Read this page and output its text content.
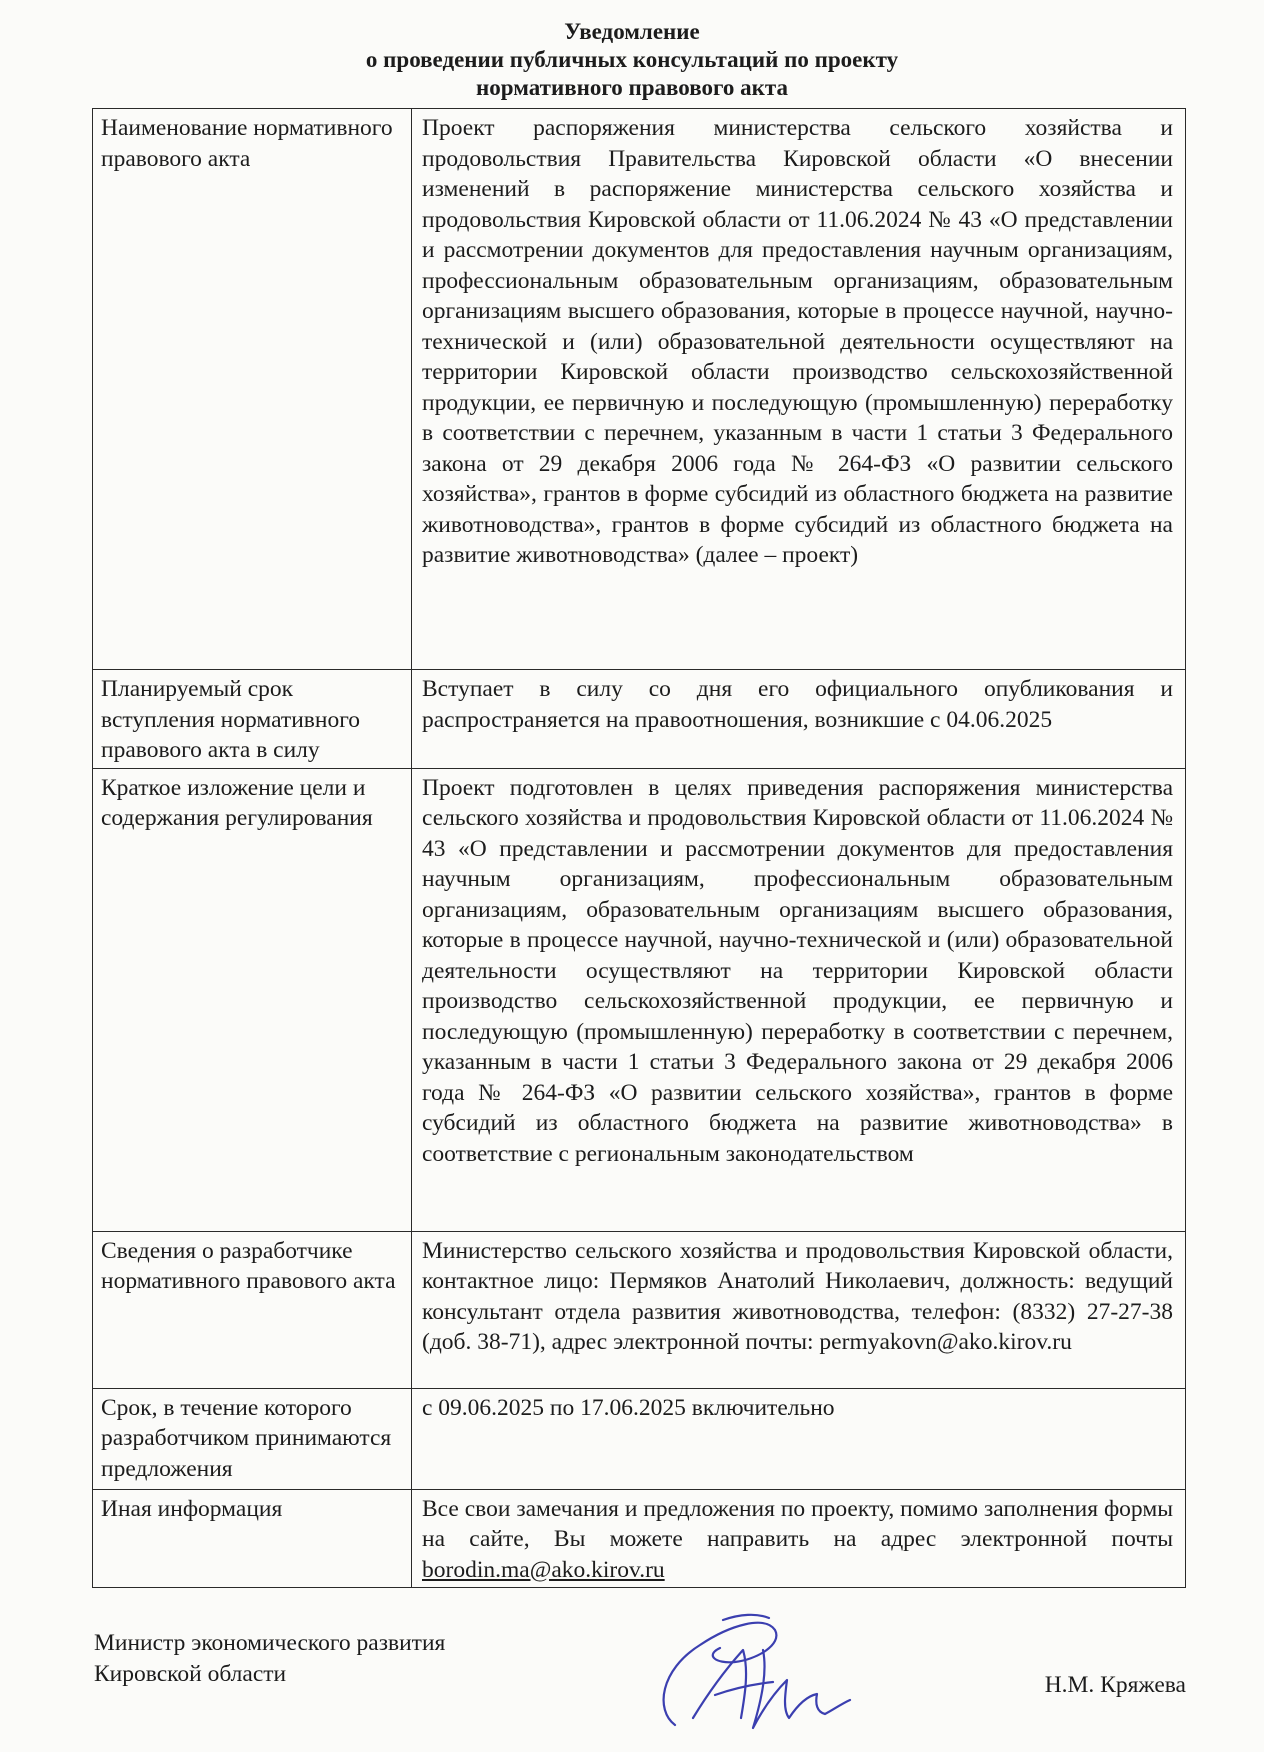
Уведомление
о проведении публичных консультаций по проекту
нормативного правового акта
Наименование нормативного правового акта	Проект распоряжения министерства сельского хозяйства и продовольствия Правительства Кировской области «О внесении изменений в распоряжение министерства сельского хозяйства и продовольствия Кировской области от 11.06.2024 № 43 «О представлении и рассмотрении документов для предоставления научным организациям, профессиональным образовательным организациям, образовательным организациям высшего образования, которые в процессе научной, научно-технической и (или) образовательной деятельности осуществляют на территории Кировской области производство сельскохозяйственной продукции, ее первичную и последующую (промышленную) переработку в соответствии с перечнем, указанным в части 1 статьи 3 Федерального закона от 29 декабря 2006 года № 264-ФЗ «О развитии сельского хозяйства», грантов в форме субсидий из областного бюджета на развитие животноводства», грантов в форме субсидий из областного бюджета на развитие животноводства» (далее – проект)
Планируемый срок вступления нормативного правового акта в силу	Вступает в силу со дня его официального опубликования и распространяется на правоотношения, возникшие с 04.06.2025
Краткое изложение цели и содержания регулирования	Проект подготовлен в целях приведения распоряжения министерства сельского хозяйства и продовольствия Кировской области от 11.06.2024 № 43 «О представлении и рассмотрении документов для предоставления научным организациям, профессиональным образовательным организациям, образовательным организациям высшего образования, которые в процессе научной, научно-технической и (или) образовательной деятельности осуществляют на территории Кировской области производство сельскохозяйственной продукции, ее первичную и последующую (промышленную) переработку в соответствии с перечнем, указанным в части 1 статьи 3 Федерального закона от 29 декабря 2006 года № 264-ФЗ «О развитии сельского хозяйства», грантов в форме субсидий из областного бюджета на развитие животноводства» в соответствие с региональным законодательством
Сведения о разработчике нормативного правового акта	Министерство сельского хозяйства и продовольствия Кировской области, контактное лицо: Пермяков Анатолий Николаевич, должность: ведущий консультант отдела развития животноводства, телефон: (8332) 27-27-38 (доб. 38-71), адрес электронной почты: permyakovn@ako.kirov.ru
Срок, в течение которого разработчиком принимаются предложения	с 09.06.2025 по 17.06.2025 включительно
Иная информация	Все свои замечания и предложения по проекту, помимо заполнения формы на сайте, Вы можете направить на адрес электронной почты borodin.ma@ako.kirov.ru
Министр экономического развития
Кировской области	Н.М. Кряжева
